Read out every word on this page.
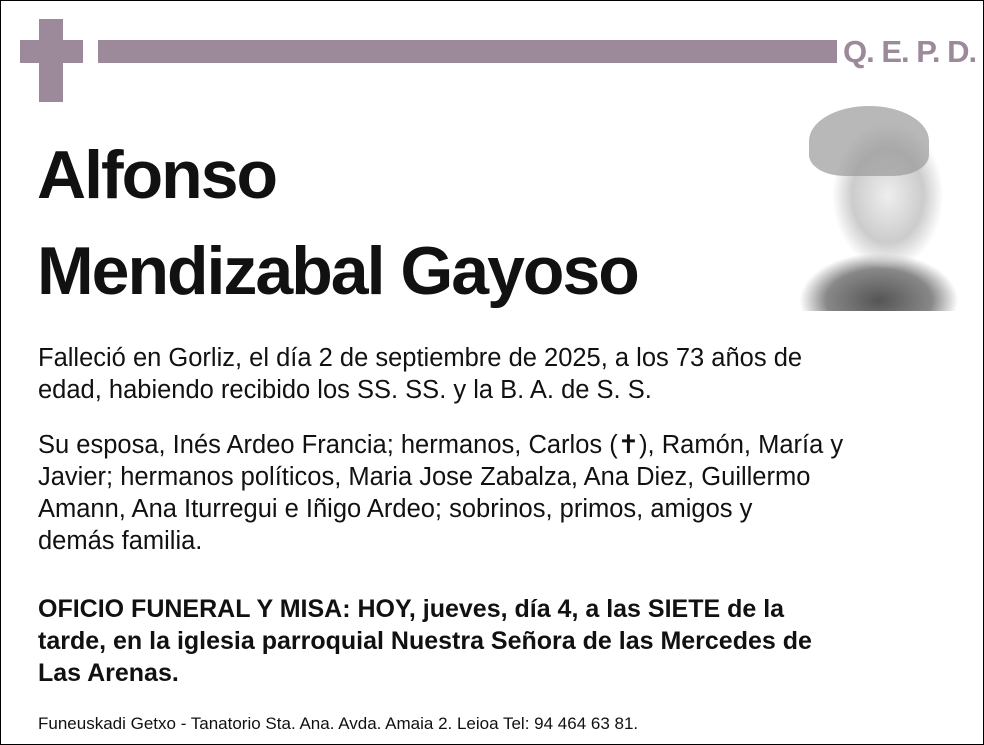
Q. E. P. D.
Alfonso
Mendizabal Gayoso
Falleció en Gorliz, el día 2 de septiembre de 2025, a los 73 años de
edad, habiendo recibido los SS. SS. y la B. A. de S. S.
Su esposa, Inés Ardeo Francia; hermanos, Carlos (✝), Ramón, María y
Javier; hermanos políticos, Maria Jose Zabalza, Ana Diez, Guillermo
Amann, Ana Iturregui e Iñigo Ardeo; sobrinos, primos, amigos y
demás familia.
OFICIO FUNERAL Y MISA: HOY, jueves, día 4, a las SIETE de la
tarde, en la iglesia parroquial Nuestra Señora de las Mercedes de
Las Arenas.
Funeuskadi Getxo - Tanatorio Sta. Ana. Avda. Amaia 2. Leioa Tel: 94 464 63 81.
